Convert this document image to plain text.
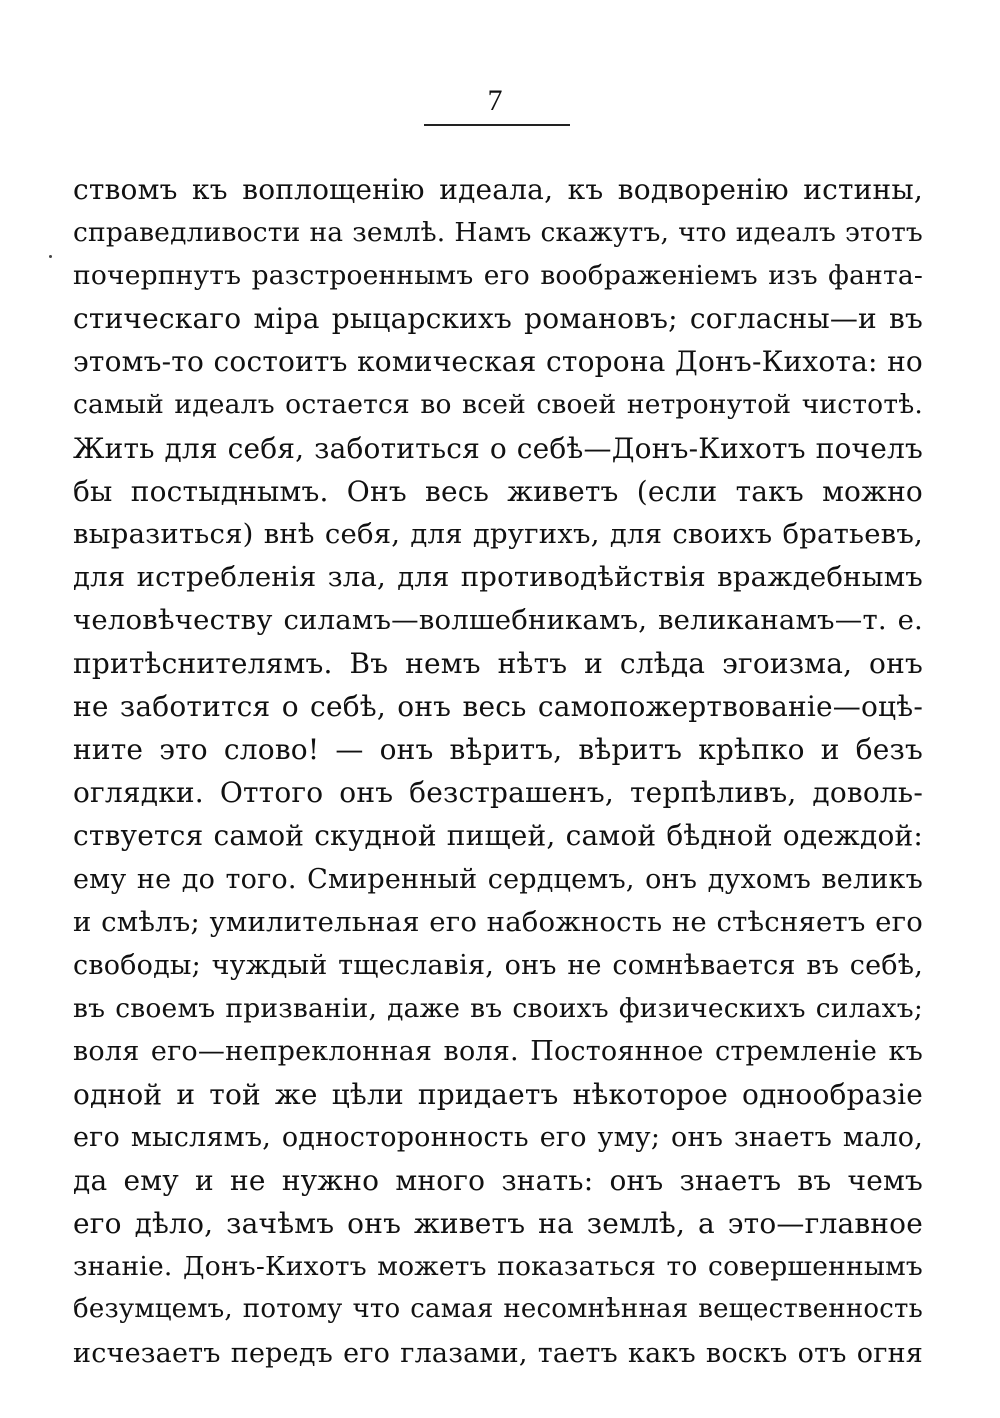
7
ствомъ къ воплощенію идеала, къ водворенію истины,
справедливости на землѣ. Намъ скажутъ, что идеалъ этотъ
почерпнутъ разстроеннымъ его воображеніемъ изъ фанта-
стическаго міра рыцарскихъ романовъ; согласны—и въ
этомъ-то состоитъ комическая сторона Донъ-Кихота: но
самый идеалъ остается во всей своей нетронутой чистотѣ.
Жить для себя, заботиться о себѣ—Донъ-Кихотъ почелъ
бы постыднымъ. Онъ весь живетъ (если такъ можно
выразиться) внѣ себя, для другихъ, для своихъ братьевъ,
для истребленія зла, для противодѣйствія враждебнымъ
человѣчеству силамъ—волшебникамъ, великанамъ—т. е.
притѣснителямъ. Въ немъ нѣтъ и слѣда эгоизма, онъ
не заботится о себѣ, онъ весь самопожертвованіе—оцѣ-
ните это слово! — онъ вѣритъ, вѣритъ крѣпко и безъ
оглядки. Оттого онъ безстрашенъ, терпѣливъ, доволь-
ствуется самой скудной пищей, самой бѣдной одеждой:
ему не до того. Смиренный сердцемъ, онъ духомъ великъ
и смѣлъ; умилительная его набожность не стѣсняетъ его
свободы; чуждый тщеславія, онъ не сомнѣвается въ себѣ,
въ своемъ призваніи, даже въ своихъ физическихъ силахъ;
воля его—непреклонная воля. Постоянное стремленіе къ
одной и той же цѣли придаетъ нѣкоторое однообразіе
его мыслямъ, односторонность его уму; онъ знаетъ мало,
да ему и не нужно много знать: онъ знаетъ въ чемъ
его дѣло, зачѣмъ онъ живетъ на землѣ, а это—главное
знаніе. Донъ-Кихотъ можетъ показаться то совершеннымъ
безумцемъ, потому что самая несомнѣнная вещественность
исчезаетъ передъ его глазами, таетъ какъ воскъ отъ огня
